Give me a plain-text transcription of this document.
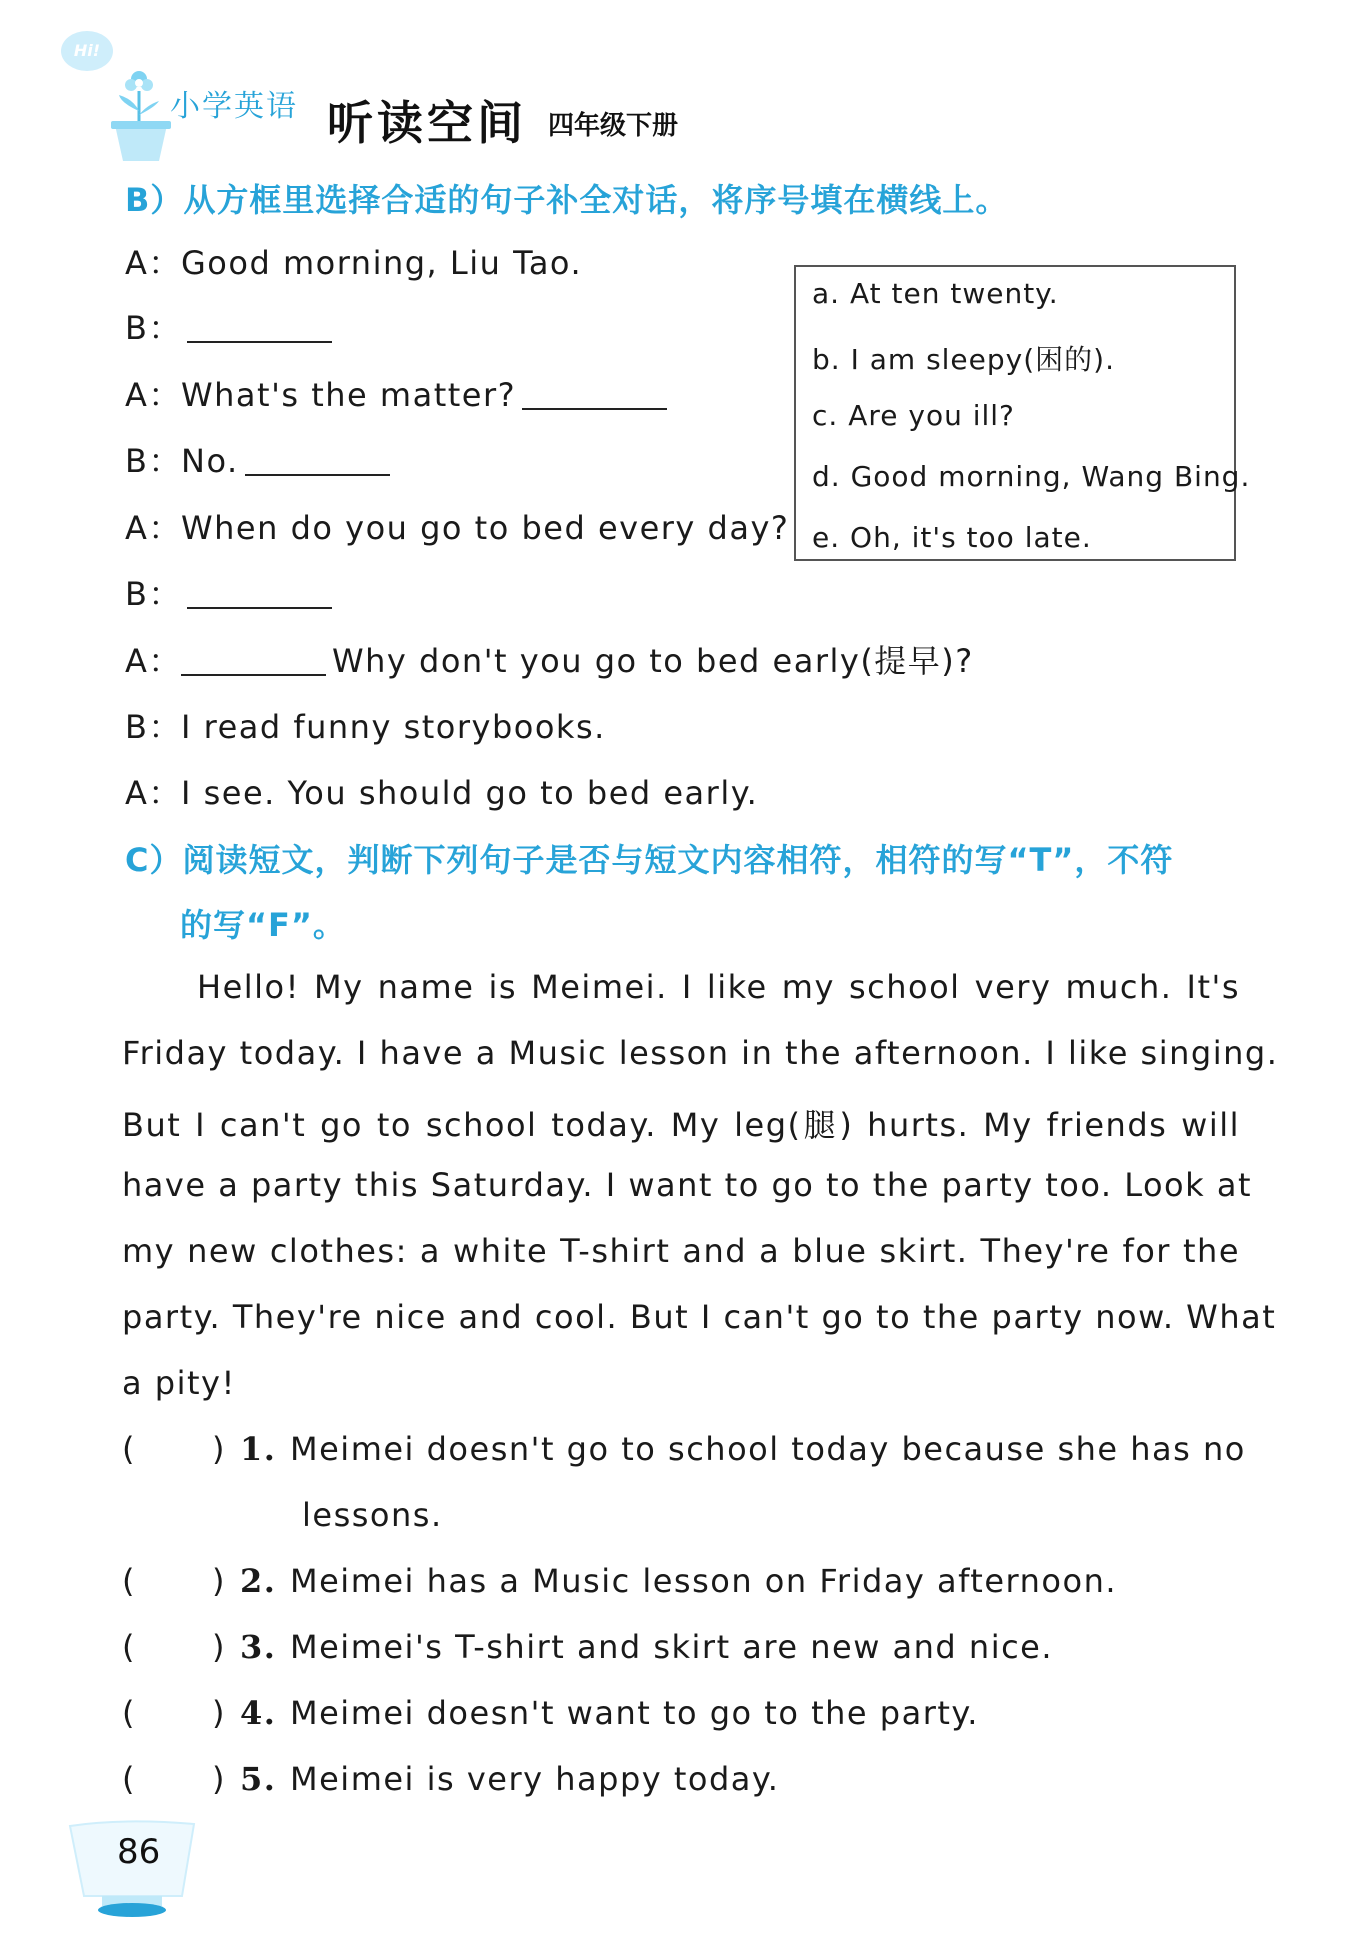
Hi!
小学英语 听读空间 四年级下册
B）从方框里选择合适的句子补全对话，将序号填在横线上。
A：Good morning, Liu Tao.
B：
A：What's the matter?
B：No.
A：When do you go to bed every day?
B：
A：	Why don't you go to bed early(提早)?
B：I read funny storybooks.
A：I see. You should go to bed early.
a. At ten twenty.
b. I am sleepy(困的).
c. Are you ill?
d. Good morning, Wang Bing.
e. Oh, it's too late.
C）阅读短文，判断下列句子是否与短文内容相符，相符的写“T”，不符
的写“F”。
Hello! My name is Meimei. I like my school very much. It's
Friday today. I have a Music lesson in the afternoon. I like singing.
But I can't go to school today. My leg(腿) hurts. My friends will
have a party this Saturday. I want to go to the party too. Look at
my new clothes: a white T-shirt and a blue skirt. They're for the
party. They're nice and cool. But I can't go to the party now. What
a pity!
( ) 1. Meimei doesn't go to school today because she has no
lessons.
( ) 2. Meimei has a Music lesson on Friday afternoon.
( ) 3. Meimei's T-shirt and skirt are new and nice.
( ) 4. Meimei doesn't want to go to the party.
( ) 5. Meimei is very happy today.
86
